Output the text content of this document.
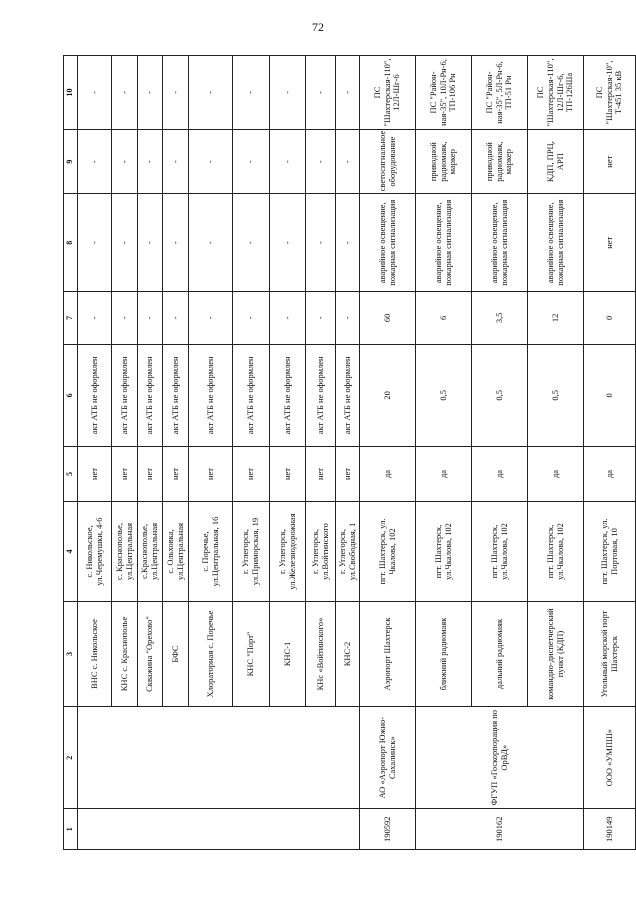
72
1	2	3	4	5	6	7	8	9	10
		ВНС с. Никольское	с. Никольское, ул.Черемушки, 4-6	нет	акт АТБ не оформлен	-	-	-	-
		КНС с. Краснополье	с. Краснополье, ул.Центральная	нет	акт АТБ не оформлен	-	-	-	-
		Скважина "Орехово"	с.Краснополье, ул.Центральная	нет	акт АТБ не оформлен	-	-	-	-
		БФС	с. Ольховка, ул.Центральная	нет	акт АТБ не оформлен	-	-	-	-
		Хлораторная с. Поречье	с. Поречье, ул.Центральная, 16	нет	акт АТБ не оформлен	-	-	-	-
		КНС "Порт"	г. Углегорск, ул.Приморская, 19	нет	акт АТБ не оформлен	-	-	-	-
		КНС-1	г. Углегорск, ул.Железнодорожная	нет	акт АТБ не оформлен	-	-	-	-
		КНс «Войтинского»	г. Углегорск, ул.Войтинского	нет	акт АТБ не оформлен	-	-	-	-
		КНС-2	г. Углегорск, ул.Свободная, 1	нет	акт АТБ не оформлен	-	-	-	-
190592	АО «Аэропорт Южно-Сахалинск»	Аэропорт Шахтерск	пгт. Шахтерск, ул. Чкалова, 102	да	20	60	аварийное освещение, пожарная сигнализация	светосигнальное оборудование	ПС "Шахтерская-110", 12Л-Шг-6
190162	ФГУП «Госкорпорация по ОрВД»	ближний радиомаяк	пгт. Шахтерск, ул.Чкалова, 102	да	0,5	6	аварийное освещение, пожарная сигнализация	приводной радиомаяк, маркер	ПС "Район-ная-35", 10Л-Рн-6, ТП-106 Рн
		дальний радиомаяк	пгт. Шахтерск, ул.Чкалова, 102	да	0,5	3,5	аварийное освещение, пожарная сигнализация	приводной радиомаяк, маркер	ПС "Район-ная-35", 5Л-Рн-6, ТП-51 Рн
		командно-диспетчерский пункт (КДП)	пгт. Шахтерск, ул.Чкалова, 102	да	0,5	12	аварийное освещение, пожарная сигнализация	КДП, ПРЦ, АРП	ПС "Шахтерская-110", 12Л-Шг-6, ТП-126Ша
190149	ООО «УМПШ»	Угольный морской порт Шахтерск	пгт. Шахтерск, ул. Портовая, 10	да	0	0	нет	нет	ПС "Шахтерская-10", Т-451 35 кВ
